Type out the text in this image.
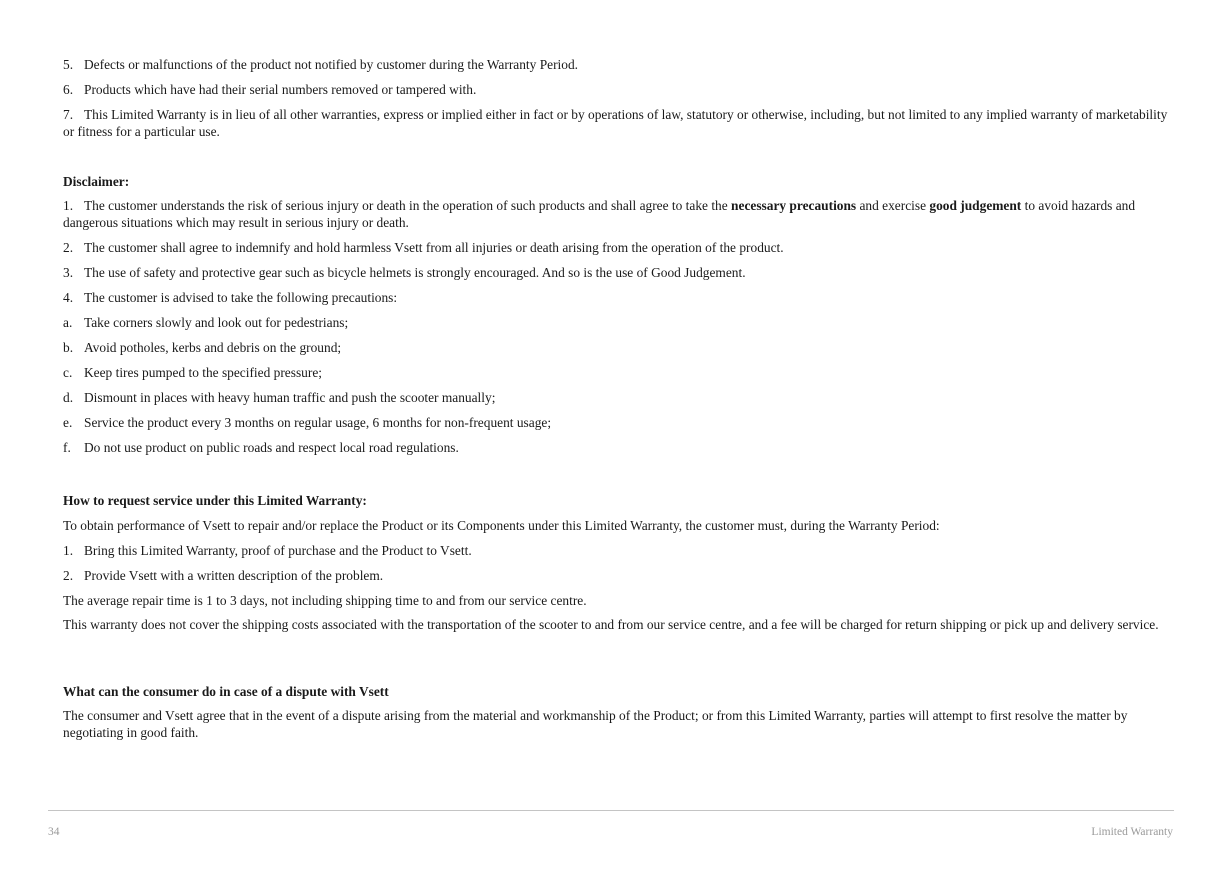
5. Defects or malfunctions of the product not notified by customer during the Warranty Period.
6. Products which have had their serial numbers removed or tampered with.
7. This Limited Warranty is in lieu of all other warranties, express or implied either in fact or by operations of law, statutory or otherwise, including, but not limited to any implied warranty of marketability or fitness for a particular use.
Disclaimer:
1. The customer understands the risk of serious injury or death in the operation of such products and shall agree to take the necessary precautions and exercise good judgement to avoid hazards and dangerous situations which may result in serious injury or death.
2. The customer shall agree to indemnify and hold harmless Vsett from all injuries or death arising from the operation of the product.
3. The use of safety and protective gear such as bicycle helmets is strongly encouraged. And so is the use of Good Judgement.
4. The customer is advised to take the following precautions:
a. Take corners slowly and look out for pedestrians;
b. Avoid potholes, kerbs and debris on the ground;
c. Keep tires pumped to the specified pressure;
d. Dismount in places with heavy human traffic and push the scooter manually;
e. Service the product every 3 months on regular usage, 6 months for non-frequent usage;
f. Do not use product on public roads and respect local road regulations.
How to request service under this Limited Warranty:
To obtain performance of Vsett to repair and/or replace the Product or its Components under this Limited Warranty, the customer must, during the Warranty Period:
1. Bring this Limited Warranty, proof of purchase and the Product to Vsett.
2. Provide Vsett with a written description of the problem.
The average repair time is 1 to 3 days, not including shipping time to and from our service centre.
This warranty does not cover the shipping costs associated with the transportation of the scooter to and from our service centre, and a fee will be charged for return shipping or pick up and delivery service.
What can the consumer do in case of a dispute with Vsett
The consumer and Vsett agree that in the event of a dispute arising from the material and workmanship of the Product; or from this Limited Warranty, parties will attempt to first resolve the matter by negotiating in good faith.
34	Limited Warranty
